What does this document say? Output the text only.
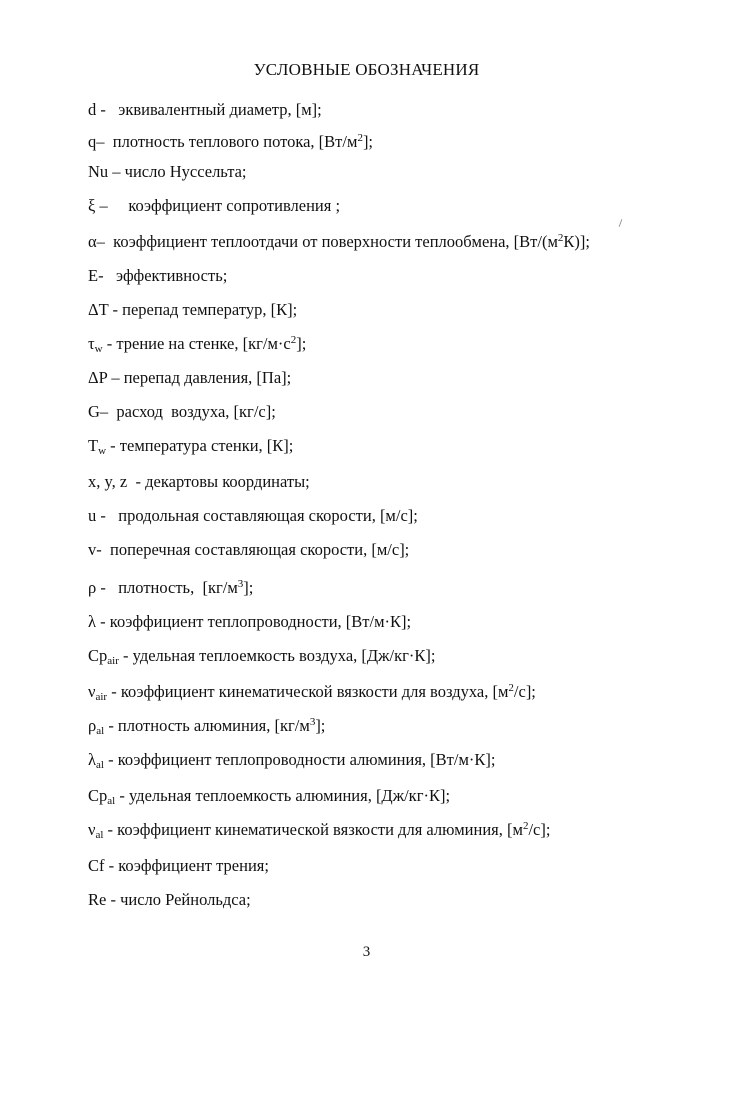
УСЛОВНЫЕ ОБОЗНАЧЕНИЯ
d -   эквивалентный диаметр, [м];
q–  плотность теплового потока, $[Вт/м^2]$;
Nu – число Нуссельта;
ξ –     коэффициент сопротивления ;
α–  коэффициент теплоотдачи от поверхности теплообмена, $[Вт/(м^2К)]$;
E-   эффективность;
ΔT - перепад температур, [К];
$\tau_w$ - трение на стенке, $[кг/м\cdot с^2]$;
ΔP – перепад давления, [Па];
G–  расход  воздуха, [кг/с];
$T_w$ - температура стенки, [К];
x, y, z  - декартовы координаты;
u -   продольная составляющая скорости, [м/с];
v-  поперечная составляющая скорости, [м/с];
ρ -   плотность,  $[кг/м^3]$;
λ - коэффициент теплопроводности, [Вт/м·К];
$Cp_{air}$ - удельная теплоемкость воздуха, [Дж/кг·К];
$\nu_{air}$ - коэффициент кинематической вязкости для воздуха, $[м^2/с]$;
$\rho_{al}$ - плотность алюминия, $[кг/м^3]$;
$\lambda_{al}$ - коэффициент теплопроводности алюминия, [Вт/м·К];
$Cp_{al}$ - удельная теплоемкость алюминия, [Дж/кг·К];
$\nu_{al}$ - коэффициент кинематической вязкости для алюминия, $[м^2/с]$;
Cf - коэффициент трения;
Re - число Рейнольдса;
3
